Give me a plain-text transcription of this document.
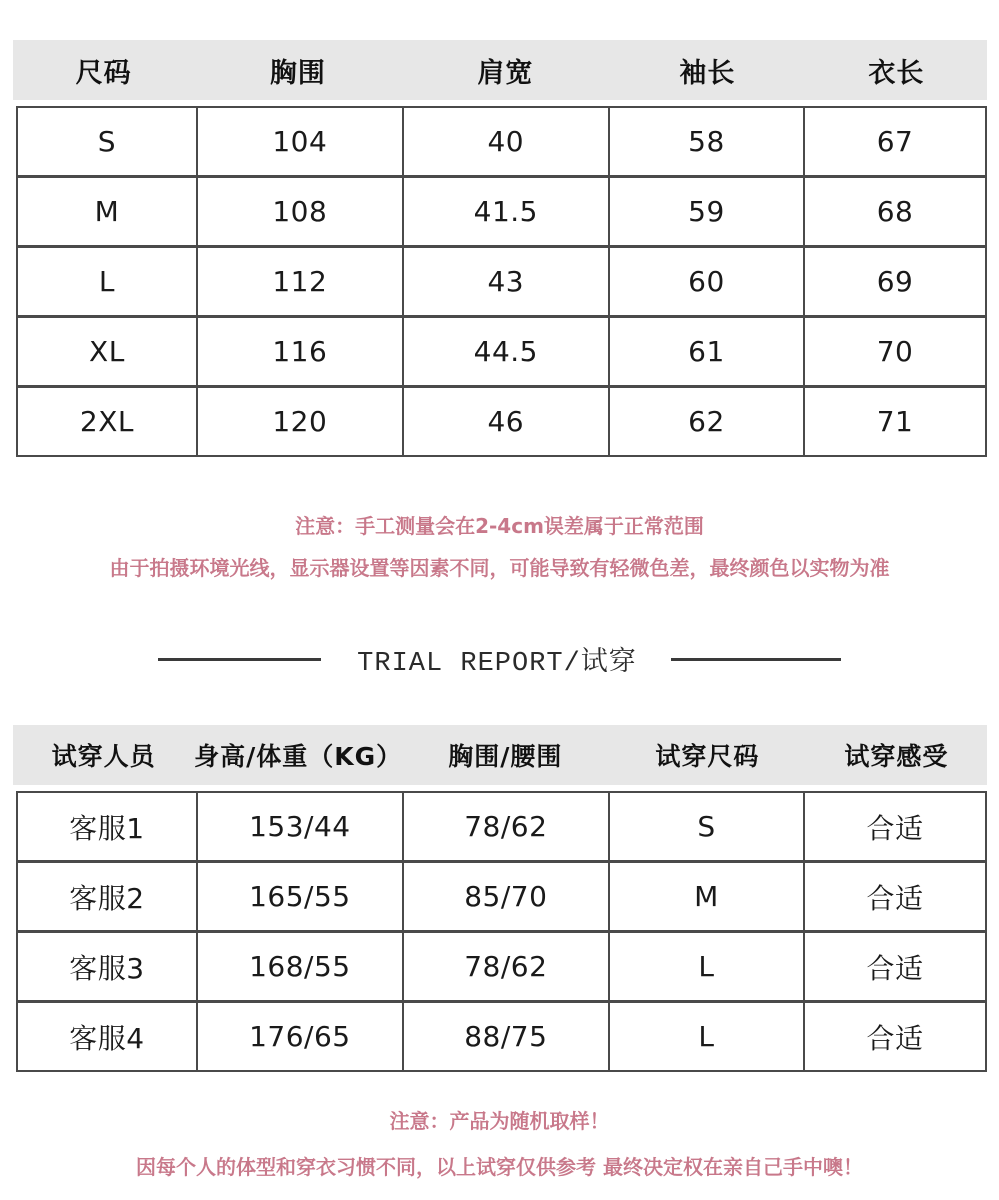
尺码	胸围	肩宽	袖长	衣长
S	104	40	58	67
M	108	41.5	59	68
L	112	43	60	69
XL	116	44.5	61	70
2XL	120	46	62	71
注意：手工测量会在2-4cm误差属于正常范围
由于拍摄环境光线，显示器设置等因素不同，可能导致有轻微色差，最终颜色以实物为准
TRIAL REPORT/试穿
试穿人员	身高/体重（KG）	胸围/腰围	试穿尺码	试穿感受
客服1	153/44	78/62	S	合适
客服2	165/55	85/70	M	合适
客服3	168/55	78/62	L	合适
客服4	176/65	88/75	L	合适
注意：产品为随机取样！
因每个人的体型和穿衣习惯不同，以上试穿仅供参考 最终决定权在亲自己手中噢！
